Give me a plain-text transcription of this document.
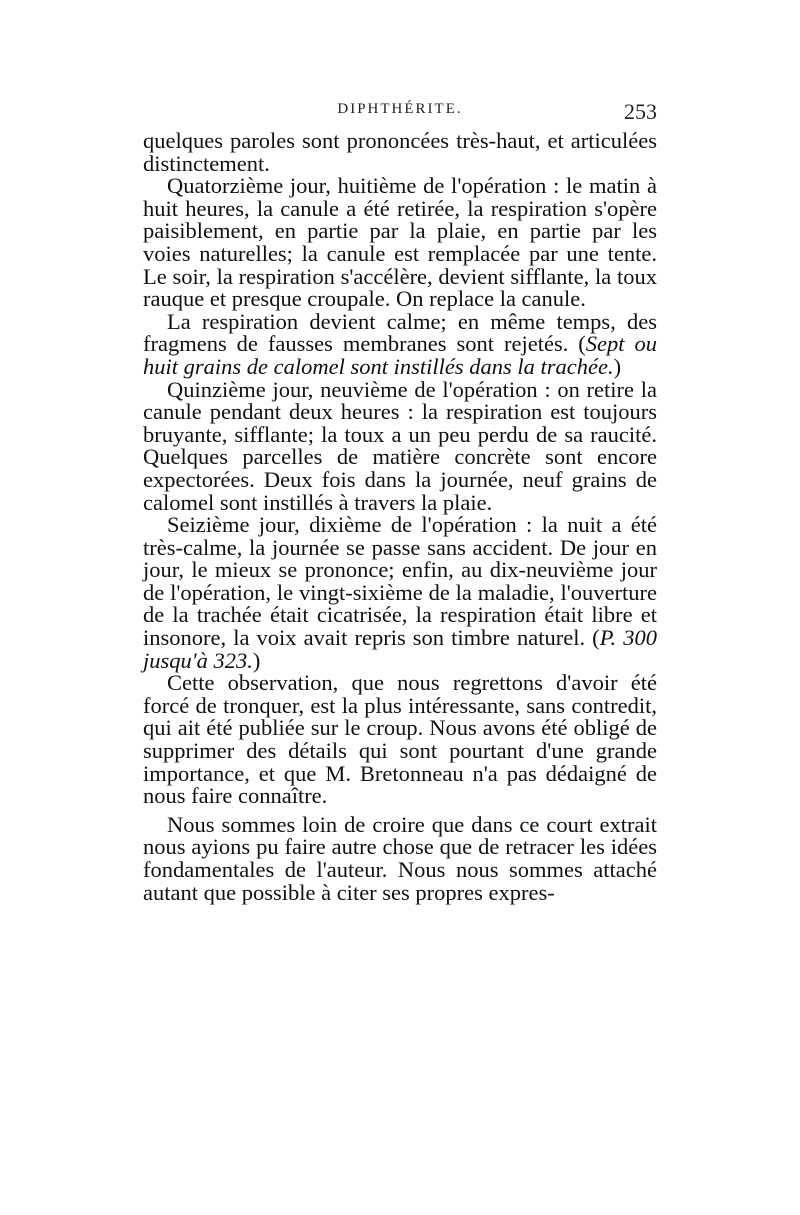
DIPHTHÉRITE.	253

quelques paroles sont prononcées très-haut, et articulées distinctement.

Quatorzième jour, huitième de l'opération : le matin à huit heures, la canule a été retirée, la respiration s'opère paisiblement, en partie par la plaie, en partie par les voies naturelles; la canule est remplacée par une tente. Le soir, la respiration s'accélère, devient sifflante, la toux rauque et presque croupale. On replace la canule.

La respiration devient calme; en même temps, des fragmens de fausses membranes sont rejetés. (Sept ou huit grains de calomel sont instillés dans la trachée.)

Quinzième jour, neuvième de l'opération : on retire la canule pendant deux heures : la respiration est toujours bruyante, sifflante; la toux a un peu perdu de sa raucité. Quelques parcelles de matière concrète sont encore expectorées. Deux fois dans la journée, neuf grains de calomel sont instillés à travers la plaie.

Seizième jour, dixième de l'opération : la nuit a été très-calme, la journée se passe sans accident. De jour en jour, le mieux se prononce; enfin, au dix-neuvième jour de l'opération, le vingt-sixième de la maladie, l'ouverture de la trachée était cicatrisée, la respiration était libre et insonore, la voix avait repris son timbre naturel. (P. 300 jusqu'à 323.)

Cette observation, que nous regrettons d'avoir été forcé de tronquer, est la plus intéressante, sans contredit, qui ait été publiée sur le croup. Nous avons été obligé de supprimer des détails qui sont pourtant d'une grande importance, et que M. Bretonneau n'a pas dédaigné de nous faire connaître.

Nous sommes loin de croire que dans ce court extrait nous ayions pu faire autre chose que de retracer les idées fondamentales de l'auteur. Nous nous sommes attaché autant que possible à citer ses propres expres-
